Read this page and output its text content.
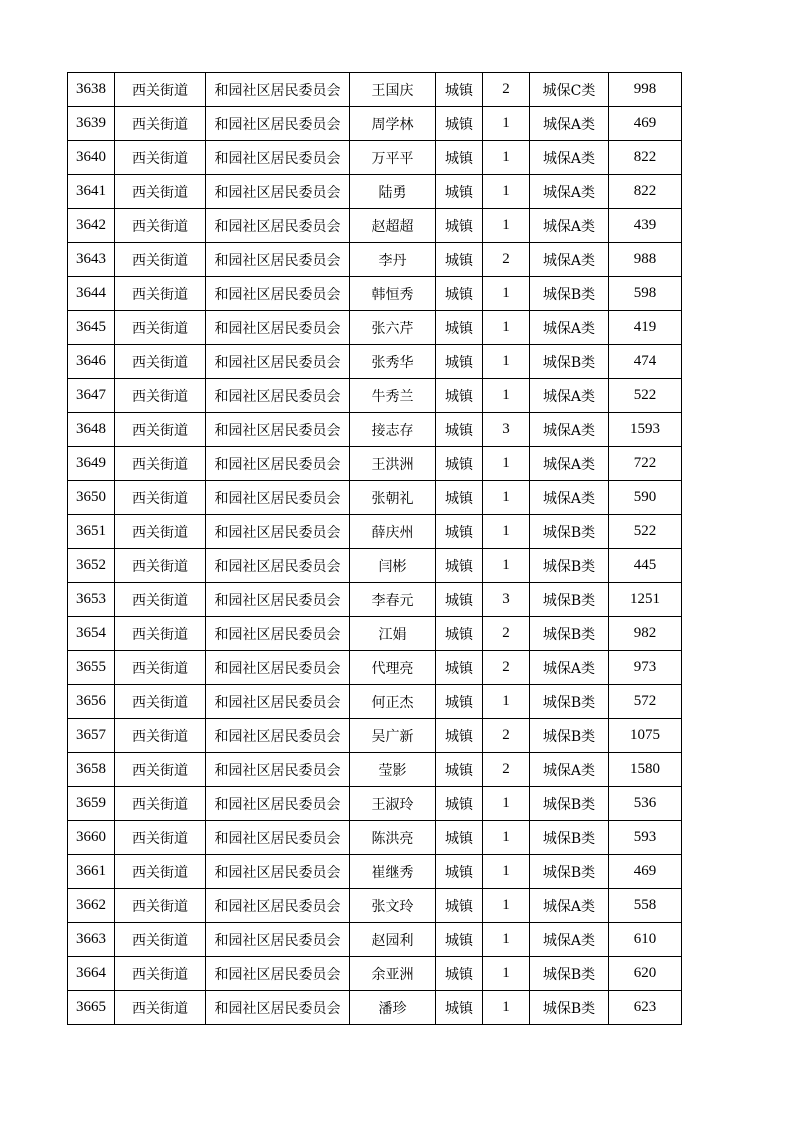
3638	西关街道	和园社区居民委员会	王国庆	城镇	2	城保C类	998
3639	西关街道	和园社区居民委员会	周学林	城镇	1	城保A类	469
3640	西关街道	和园社区居民委员会	万平平	城镇	1	城保A类	822
3641	西关街道	和园社区居民委员会	陆勇	城镇	1	城保A类	822
3642	西关街道	和园社区居民委员会	赵超超	城镇	1	城保A类	439
3643	西关街道	和园社区居民委员会	李丹	城镇	2	城保A类	988
3644	西关街道	和园社区居民委员会	韩恒秀	城镇	1	城保B类	598
3645	西关街道	和园社区居民委员会	张六芹	城镇	1	城保A类	419
3646	西关街道	和园社区居民委员会	张秀华	城镇	1	城保B类	474
3647	西关街道	和园社区居民委员会	牛秀兰	城镇	1	城保A类	522
3648	西关街道	和园社区居民委员会	接志存	城镇	3	城保A类	1593
3649	西关街道	和园社区居民委员会	王洪洲	城镇	1	城保A类	722
3650	西关街道	和园社区居民委员会	张朝礼	城镇	1	城保A类	590
3651	西关街道	和园社区居民委员会	薛庆州	城镇	1	城保B类	522
3652	西关街道	和园社区居民委员会	闫彬	城镇	1	城保B类	445
3653	西关街道	和园社区居民委员会	李春元	城镇	3	城保B类	1251
3654	西关街道	和园社区居民委员会	江娟	城镇	2	城保B类	982
3655	西关街道	和园社区居民委员会	代理亮	城镇	2	城保A类	973
3656	西关街道	和园社区居民委员会	何正杰	城镇	1	城保B类	572
3657	西关街道	和园社区居民委员会	吴广新	城镇	2	城保B类	1075
3658	西关街道	和园社区居民委员会	莹影	城镇	2	城保A类	1580
3659	西关街道	和园社区居民委员会	王淑玲	城镇	1	城保B类	536
3660	西关街道	和园社区居民委员会	陈洪亮	城镇	1	城保B类	593
3661	西关街道	和园社区居民委员会	崔继秀	城镇	1	城保B类	469
3662	西关街道	和园社区居民委员会	张文玲	城镇	1	城保A类	558
3663	西关街道	和园社区居民委员会	赵园利	城镇	1	城保A类	610
3664	西关街道	和园社区居民委员会	余亚洲	城镇	1	城保B类	620
3665	西关街道	和园社区居民委员会	潘珍	城镇	1	城保B类	623
